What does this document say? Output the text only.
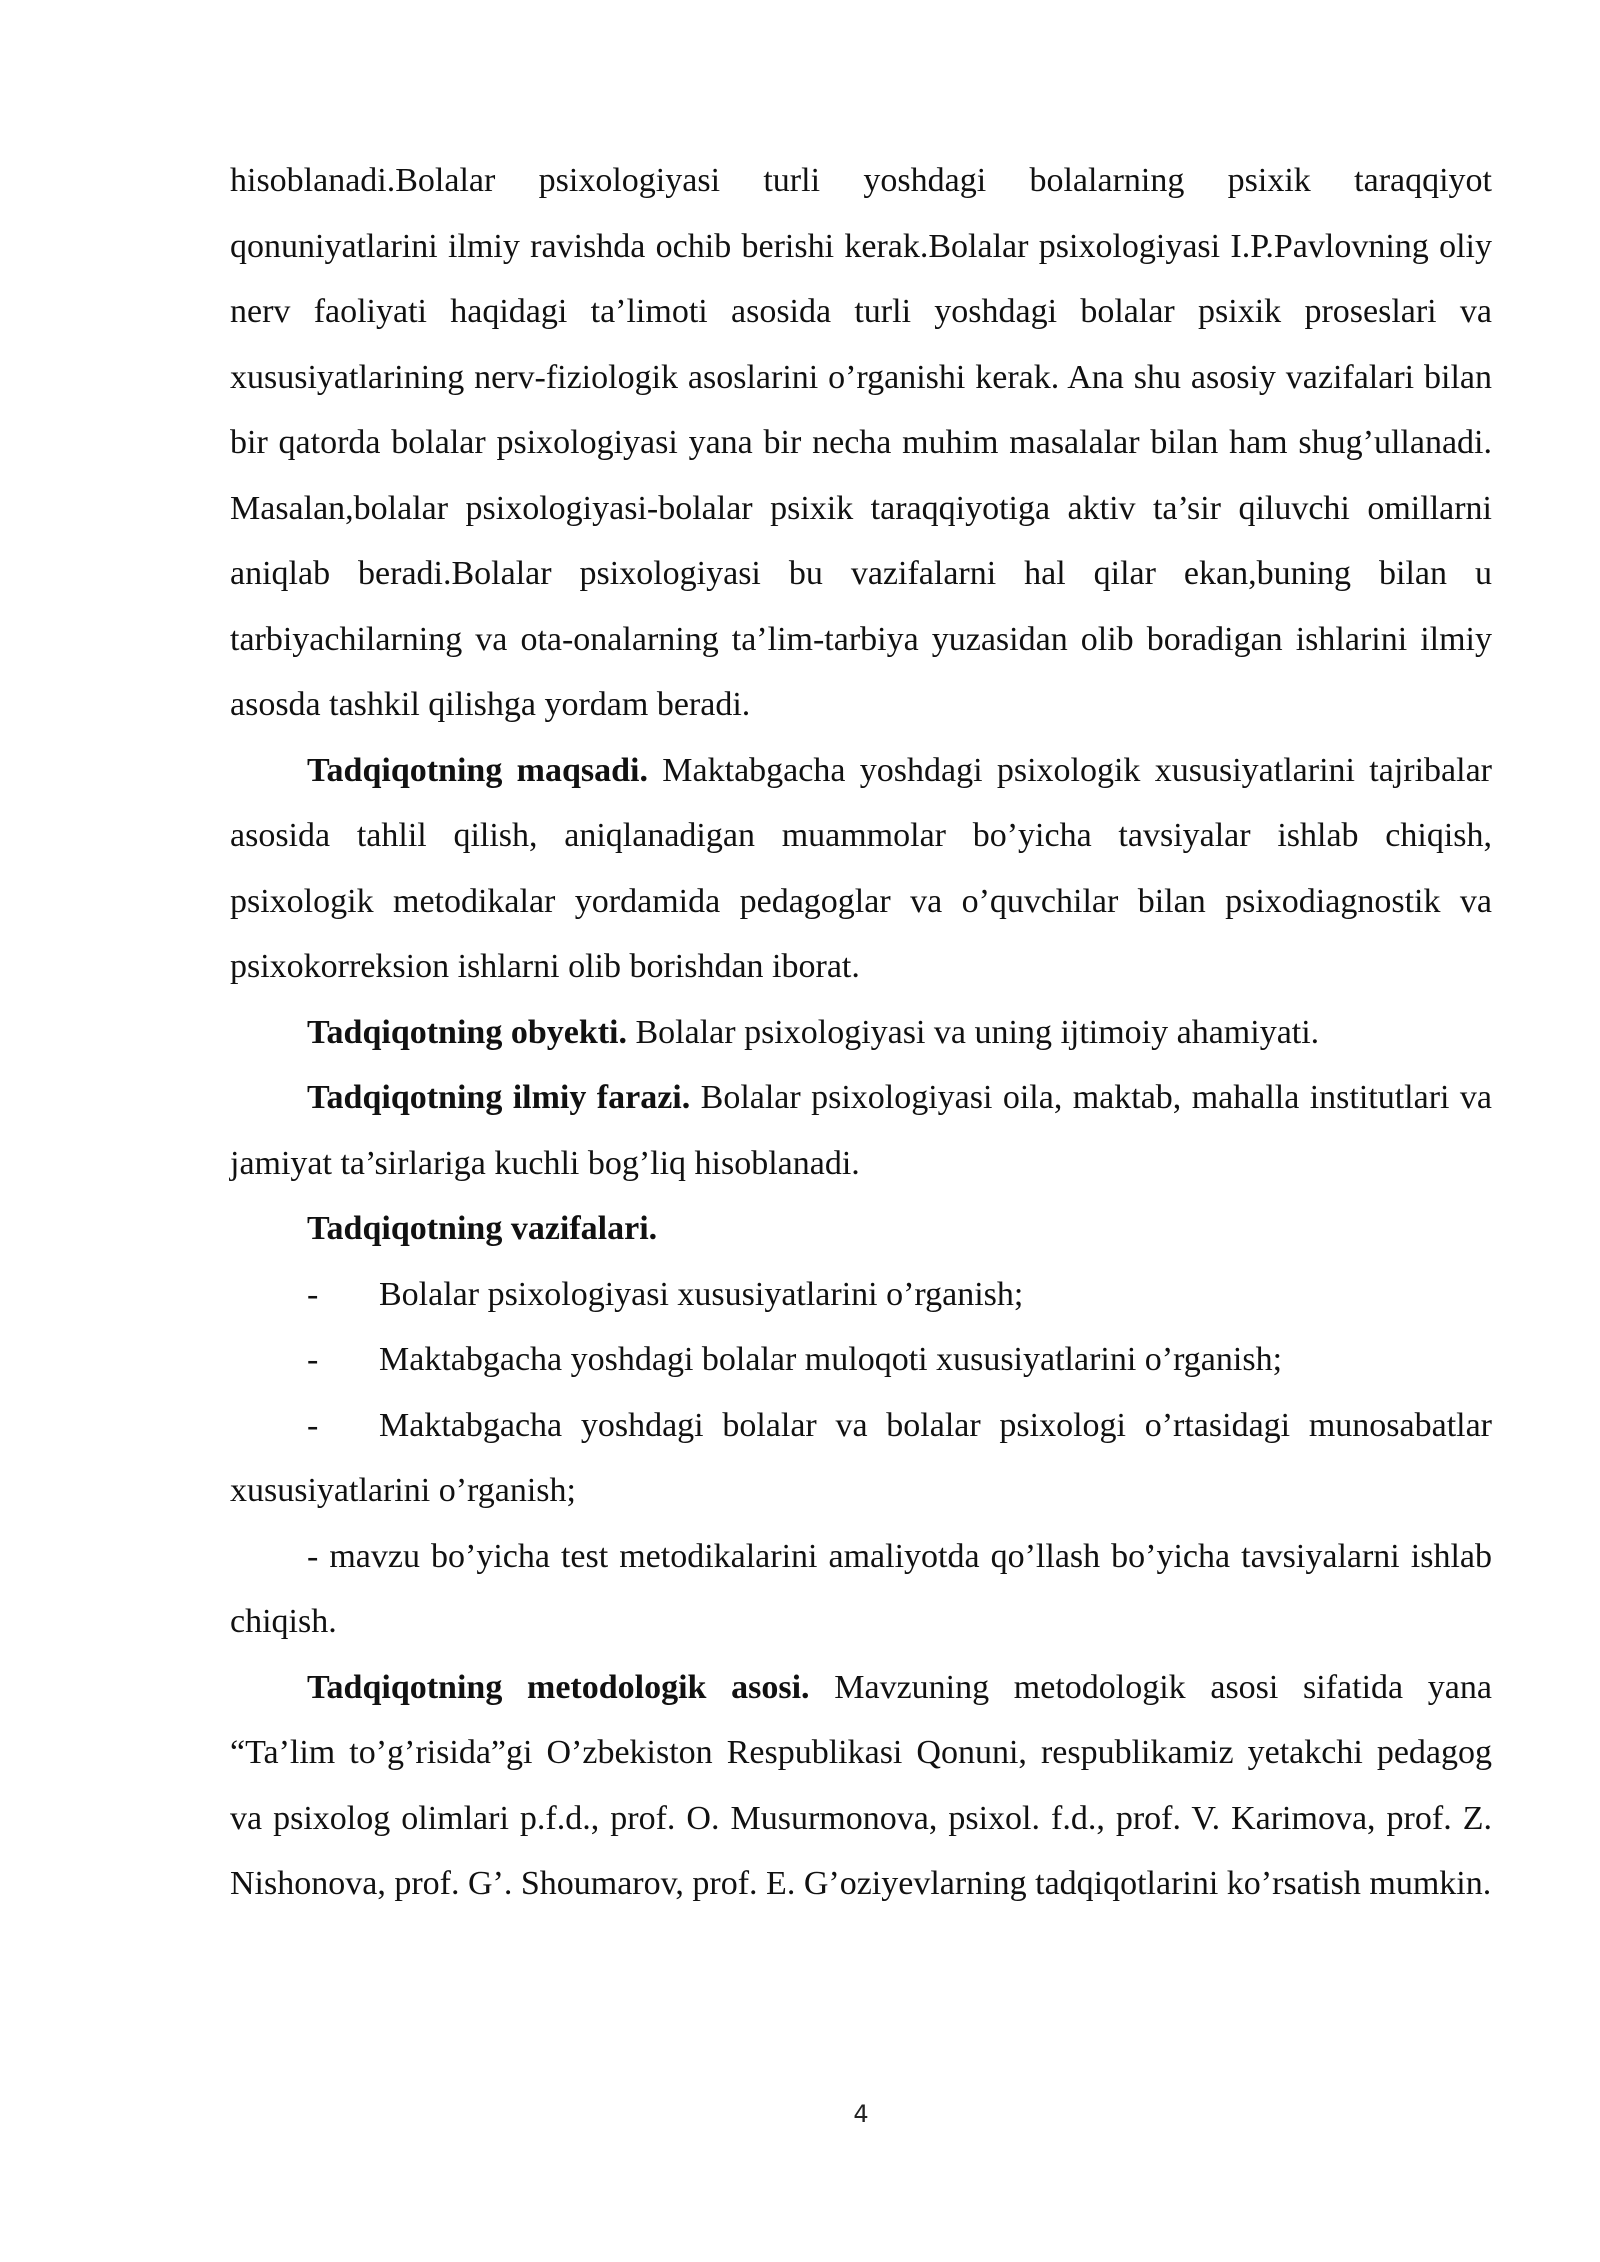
hisoblanadi.Bolalar psixologiyasi turli yoshdagi bolalarning psixik taraqqiyot qonuniyatlarini ilmiy ravishda ochib berishi kerak.Bolalar psixologiyasi I.P.Pavlovning oliy nerv faoliyati haqidagi ta’limoti asosida turli yoshdagi bolalar psixik proseslari va xususiyatlarining nerv-fiziologik asoslarini o’rganishi kerak. Ana shu asosiy vazifalari bilan bir qatorda bolalar psixologiyasi yana bir necha muhim masalalar bilan ham shug’ullanadi. Masalan,bolalar psixologiyasi-bolalar psixik taraqqiyotiga aktiv ta’sir qiluvchi omillarni aniqlab beradi.Bolalar psixologiyasi bu vazifalarni hal qilar ekan,buning bilan u tarbiyachilarning va ota-onalarning ta’lim-tarbiya yuzasidan olib boradigan ishlarini ilmiy asosda tashkil qilishga yordam beradi.

Tadqiqotning maqsadi. Maktabgacha yoshdagi psixologik xususiyatlarini tajribalar asosida tahlil qilish, aniqlanadigan muammolar bo’yicha tavsiyalar ishlab chiqish, psixologik metodikalar yordamida pedagoglar va o’quvchilar bilan psixodiagnostik va psixokorreksion ishlarni olib borishdan iborat.

Tadqiqotning obyekti. Bolalar psixologiyasi va uning ijtimoiy ahamiyati.

Tadqiqotning ilmiy farazi. Bolalar psixologiyasi oila, maktab, mahalla institutlari va jamiyat ta’sirlariga kuchli bog’liq hisoblanadi.

Tadqiqotning vazifalari.

- Bolalar psixologiyasi xususiyatlarini o’rganish;

- Maktabgacha yoshdagi bolalar muloqoti xususiyatlarini o’rganish;

- Maktabgacha yoshdagi bolalar va bolalar psixologi o’rtasidagi munosabatlar xususiyatlarini o’rganish;

- mavzu bo’yicha test metodikalarini amaliyotda qo’llash bo’yicha tavsiyalarni ishlab chiqish.

Tadqiqotning metodologik asosi. Mavzuning metodologik asosi sifatida yana “Ta’lim to’g’risida”gi O’zbekiston Respublikasi Qonuni, respublikamiz yetakchi pedagog va psixolog olimlari p.f.d., prof. O. Musurmonova, psixol. f.d., prof. V. Karimova, prof. Z. Nishonova, prof. G’. Shoumarov, prof. E. G’oziyevlarning tadqiqotlarini ko’rsatish mumkin.

4
